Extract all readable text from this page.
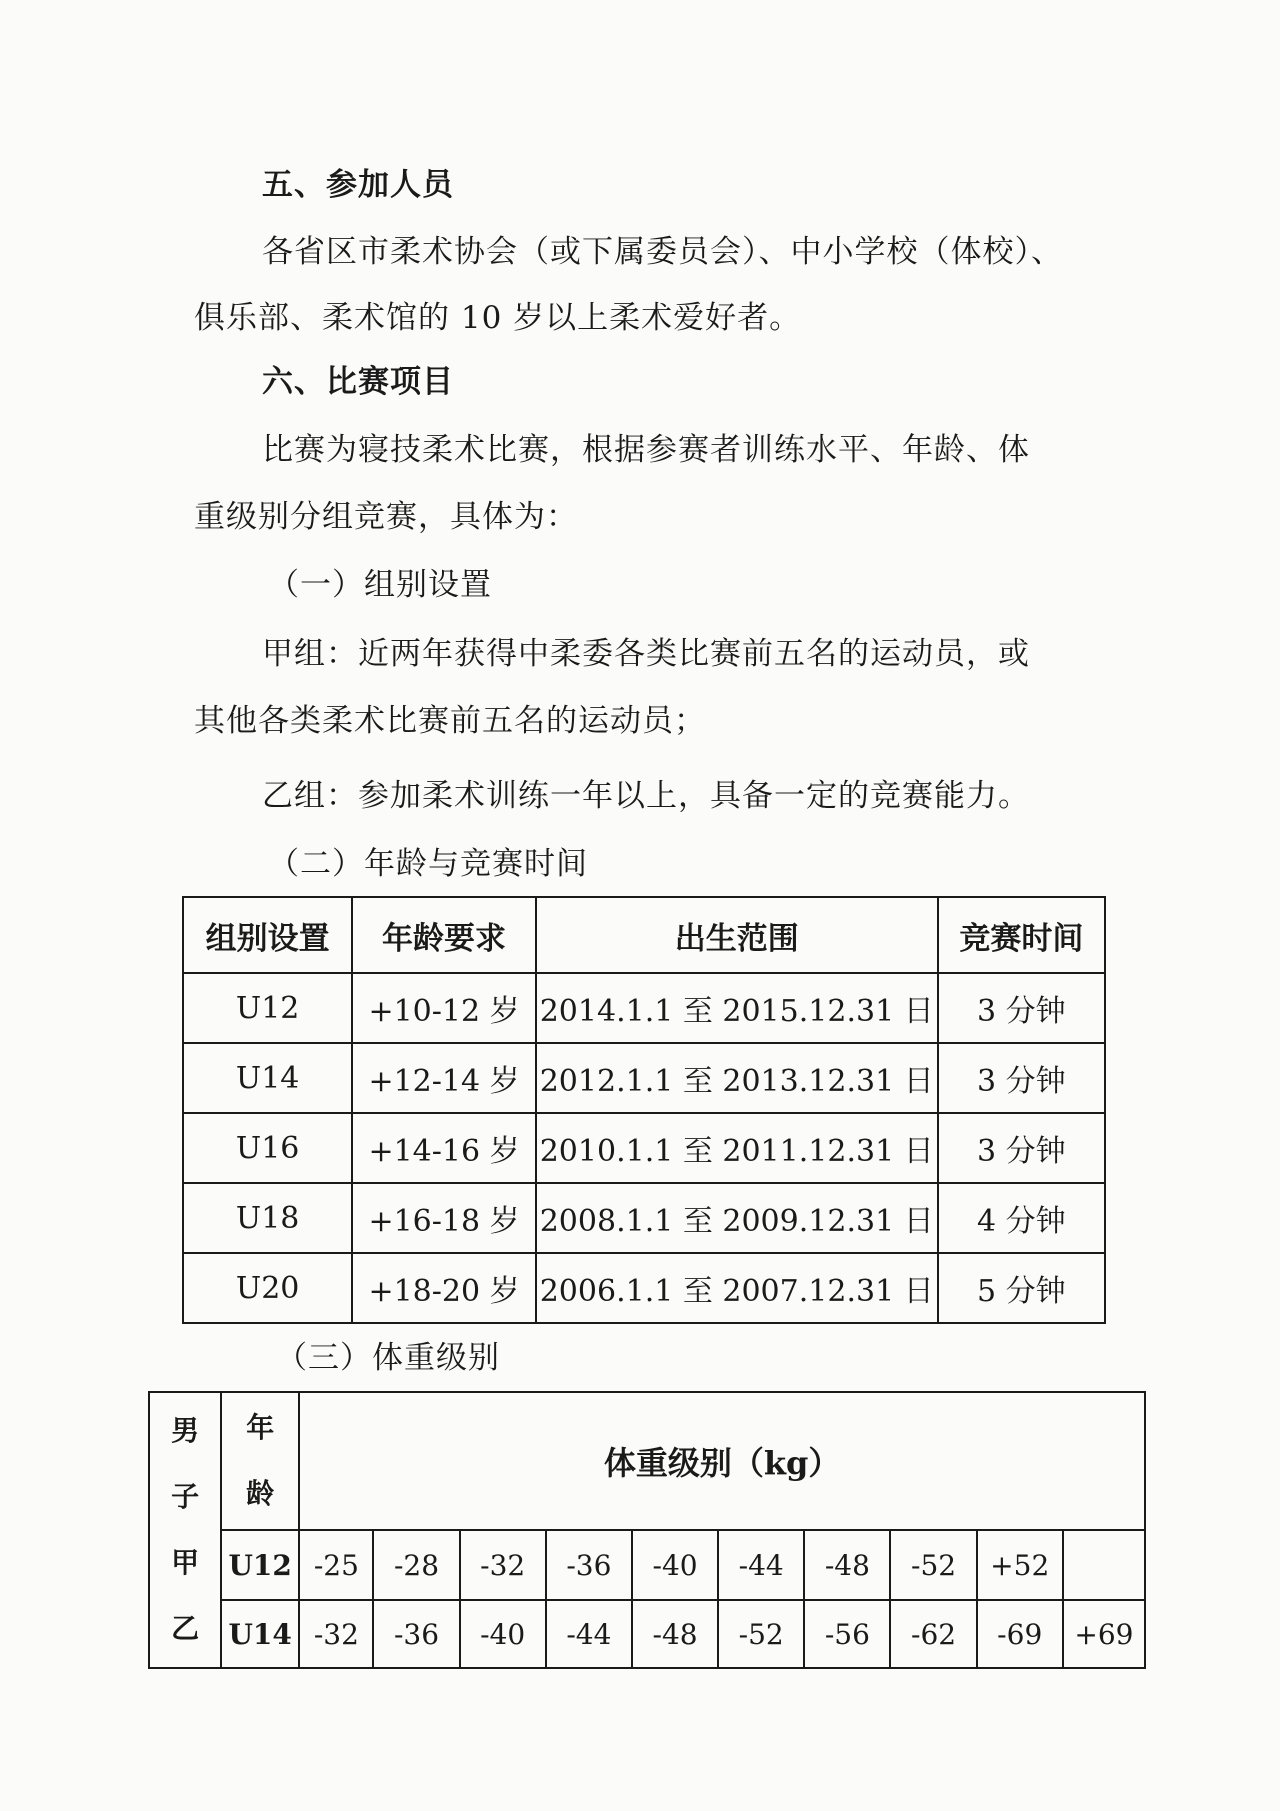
五、参加人员
各省区市柔术协会（或下属委员会）、中小学校（体校）、
俱乐部、柔术馆的 10 岁以上柔术爱好者。
六、比赛项目
比赛为寝技柔术比赛，根据参赛者训练水平、年龄、体
重级别分组竞赛，具体为：
（一）组别设置
甲组：近两年获得中柔委各类比赛前五名的运动员，或
其他各类柔术比赛前五名的运动员；
乙组：参加柔术训练一年以上，具备一定的竞赛能力。
（二）年龄与竞赛时间
组别设置	年龄要求	出生范围	竞赛时间
U12	+10-12 岁	2014.1.1 至 2015.12.31 日	3 分钟
U14	+12-14 岁	2012.1.1 至 2013.12.31 日	3 分钟
U16	+14-16 岁	2010.1.1 至 2011.12.31 日	3 分钟
U18	+16-18 岁	2008.1.1 至 2009.12.31 日	4 分钟
U20	+18-20 岁	2006.1.1 至 2007.12.31 日	5 分钟
（三）体重级别
男子甲乙	年龄	体重级别（kg）									
	U12	-25	-28	-32	-36	-40	-44	-48	-52	+52	
	U14	-32	-36	-40	-44	-48	-52	-56	-62	-69	+69
